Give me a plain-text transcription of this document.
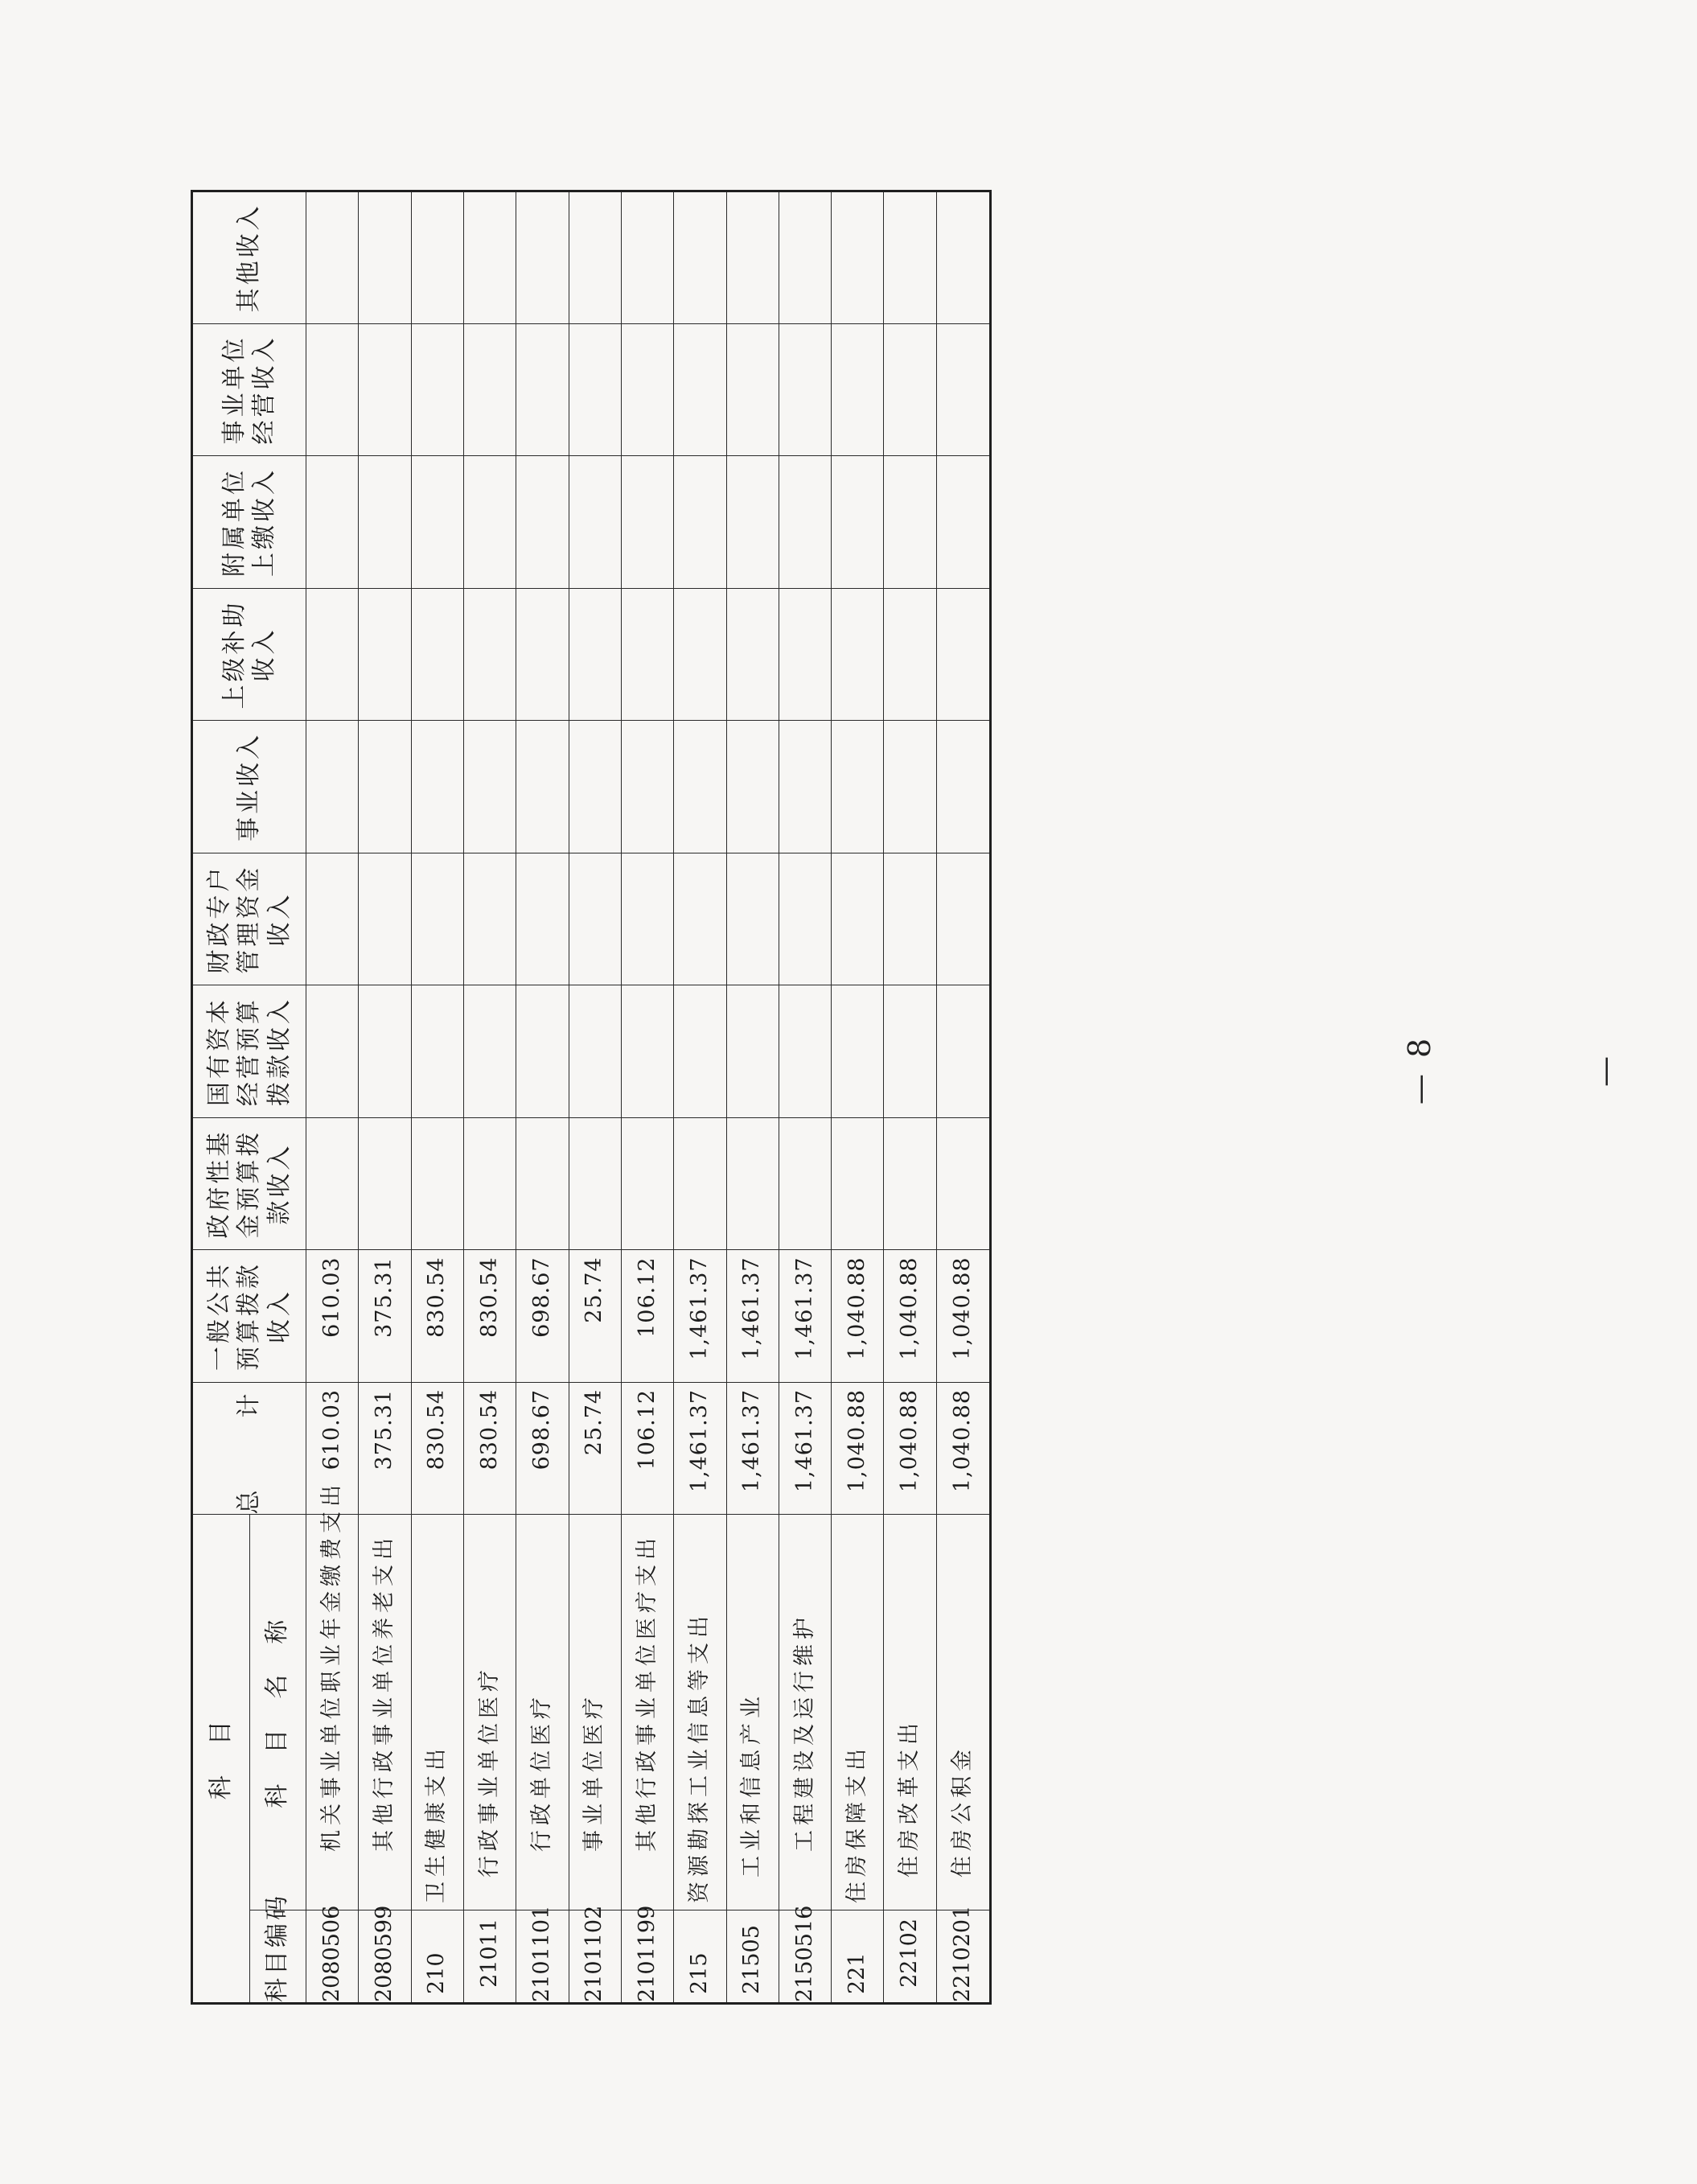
科　目		总　计	一般公共预算拨款收入	政府性基金预算拨款收入	国有资本经营预算拨款收入	财政专户管理资金收入	事业收入	上级补助收入	附属单位上缴收入	事业单位经营收入	其他收入
科目编码	科　目　名　称										
2080506	机关事业单位职业年金缴费支出	610.03	610.03								
2080599	其他行政事业单位养老支出	375.31	375.31								
210	卫生健康支出	830.54	830.54								
21011	行政事业单位医疗	830.54	830.54								
2101101	行政单位医疗	698.67	698.67								
2101102	事业单位医疗	25.74	25.74								
2101199	其他行政事业单位医疗支出	106.12	106.12								
215	资源勘探工业信息等支出	1,461.37	1,461.37								
21505	工业和信息产业	1,461.37	1,461.37								
2150516	工程建设及运行维护	1,461.37	1,461.37								
221	住房保障支出	1,040.88	1,040.88								
22102	住房改革支出	1,040.88	1,040.88								
2210201	住房公积金	1,040.88	1,040.88								
— 8 —
